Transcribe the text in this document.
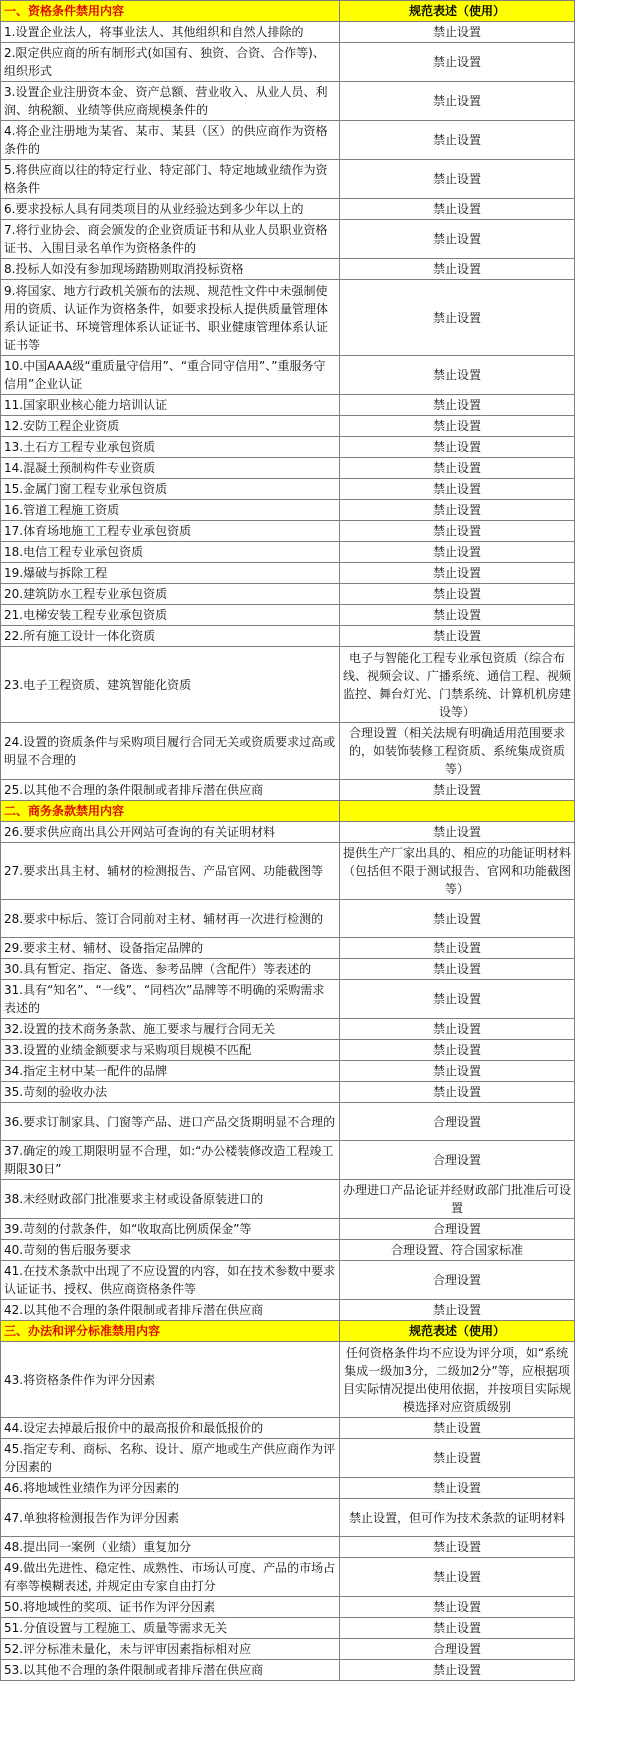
一、资格条件禁用内容	规范表述（使用）
1.设置企业法人，将事业法人、其他组织和自然人排除的	禁止设置
2.限定供应商的所有制形式(如国有、独资、合资、合作等)、组织形式	禁止设置
3.设置企业注册资本金、资产总额、营业收入、从业人员、利润、纳税额、业绩等供应商规模条件的	禁止设置
4.将企业注册地为某省、某市、某县（区）的供应商作为资格条件的	禁止设置
5.将供应商以往的特定行业、特定部门、特定地域业绩作为资格条件	禁止设置
6.要求投标人具有同类项目的从业经验达到多少年以上的	禁止设置
7.将行业协会、商会颁发的企业资质证书和从业人员职业资格证书、入围目录名单作为资格条件的	禁止设置
8.投标人如没有参加现场踏勘则取消投标资格	禁止设置
9.将国家、地方行政机关颁布的法规、规范性文件中未强制使用的资质、认证作为资格条件，如要求投标人提供质量管理体系认证证书、环境管理体系认证证书、职业健康管理体系认证证书等	禁止设置
10.中国AAA级“重质量守信用”、“重合同守信用”、”重服务守信用”企业认证	禁止设置
11.国家职业核心能力培训认证	禁止设置
12.安防工程企业资质	禁止设置
13.土石方工程专业承包资质	禁止设置
14.混凝土预制构件专业资质	禁止设置
15.金属门窗工程专业承包资质	禁止设置
16.管道工程施工资质	禁止设置
17.体育场地施工工程专业承包资质	禁止设置
18.电信工程专业承包资质	禁止设置
19.爆破与拆除工程	禁止设置
20.建筑防水工程专业承包资质	禁止设置
21.电梯安装工程专业承包资质	禁止设置
22.所有施工设计一体化资质	禁止设置
23.电子工程资质、建筑智能化资质	电子与智能化工程专业承包资质（综合布线、视频会议、广播系统、通信工程、视频监控、舞台灯光、门禁系统、计算机机房建设等）
24.设置的资质条件与采购项目履行合同无关或资质要求过高或明显不合理的	合理设置（相关法规有明确适用范围要求的，如装饰装修工程资质、系统集成资质等）
25.以其他不合理的条件限制或者排斥潜在供应商	禁止设置
二、商务条款禁用内容	
26.要求供应商出具公开网站可查询的有关证明材料	禁止设置
27.要求出具主材、辅材的检测报告、产品官网、功能截图等	提供生产厂家出具的、相应的功能证明材料（包括但不限于测试报告、官网和功能截图等）
28.要求中标后、签订合同前对主材、辅材再一次进行检测的	禁止设置
29.要求主材、辅材、设备指定品牌的	禁止设置
30.具有暂定、指定、备选、参考品牌（含配件）等表述的	禁止设置
31.具有“知名”、“一线”、“同档次”品牌等不明确的采购需求表述的	禁止设置
32.设置的技术商务条款、施工要求与履行合同无关	禁止设置
33.设置的业绩金额要求与采购项目规模不匹配	禁止设置
34.指定主材中某一配件的品牌	禁止设置
35.苛刻的验收办法	禁止设置
36.要求订制家具、门窗等产品、进口产品交货期明显不合理的	合理设置
37.确定的竣工期限明显不合理，如:“办公楼装修改造工程竣工期限30日”	合理设置
38.未经财政部门批准要求主材或设备原装进口的	办理进口产品论证并经财政部门批准后可设置
39.苛刻的付款条件，如“收取高比例质保金”等	合理设置
40.苛刻的售后服务要求	合理设置、符合国家标准
41.在技术条款中出现了不应设置的内容，如在技术参数中要求认证证书、授权、供应商资格条件等	合理设置
42.以其他不合理的条件限制或者排斥潜在供应商	禁止设置
三、办法和评分标准禁用内容	规范表述（使用）
43.将资格条件作为评分因素	任何资格条件均不应设为评分项，如“系统集成一级加3分，二级加2分”等，应根据项目实际情况提出使用依据，并按项目实际规模选择对应资质级别
44.设定去掉最后报价中的最高报价和最低报价的	禁止设置
45.指定专利、商标、名称、设计、原产地或生产供应商作为评分因素的	禁止设置
46.将地域性业绩作为评分因素的	禁止设置
47.单独将检测报告作为评分因素	禁止设置，但可作为技术条款的证明材料
48.提出同一案例（业绩）重复加分	禁止设置
49.做出先进性、稳定性、成熟性、市场认可度、产品的市场占有率等模糊表述, 并规定由专家自由打分	禁止设置
50.将地域性的奖项、证书作为评分因素	禁止设置
51.分值设置与工程施工、质量等需求无关	禁止设置
52.评分标准未量化，未与评审因素指标相对应	合理设置
53.以其他不合理的条件限制或者排斥潜在供应商	禁止设置
